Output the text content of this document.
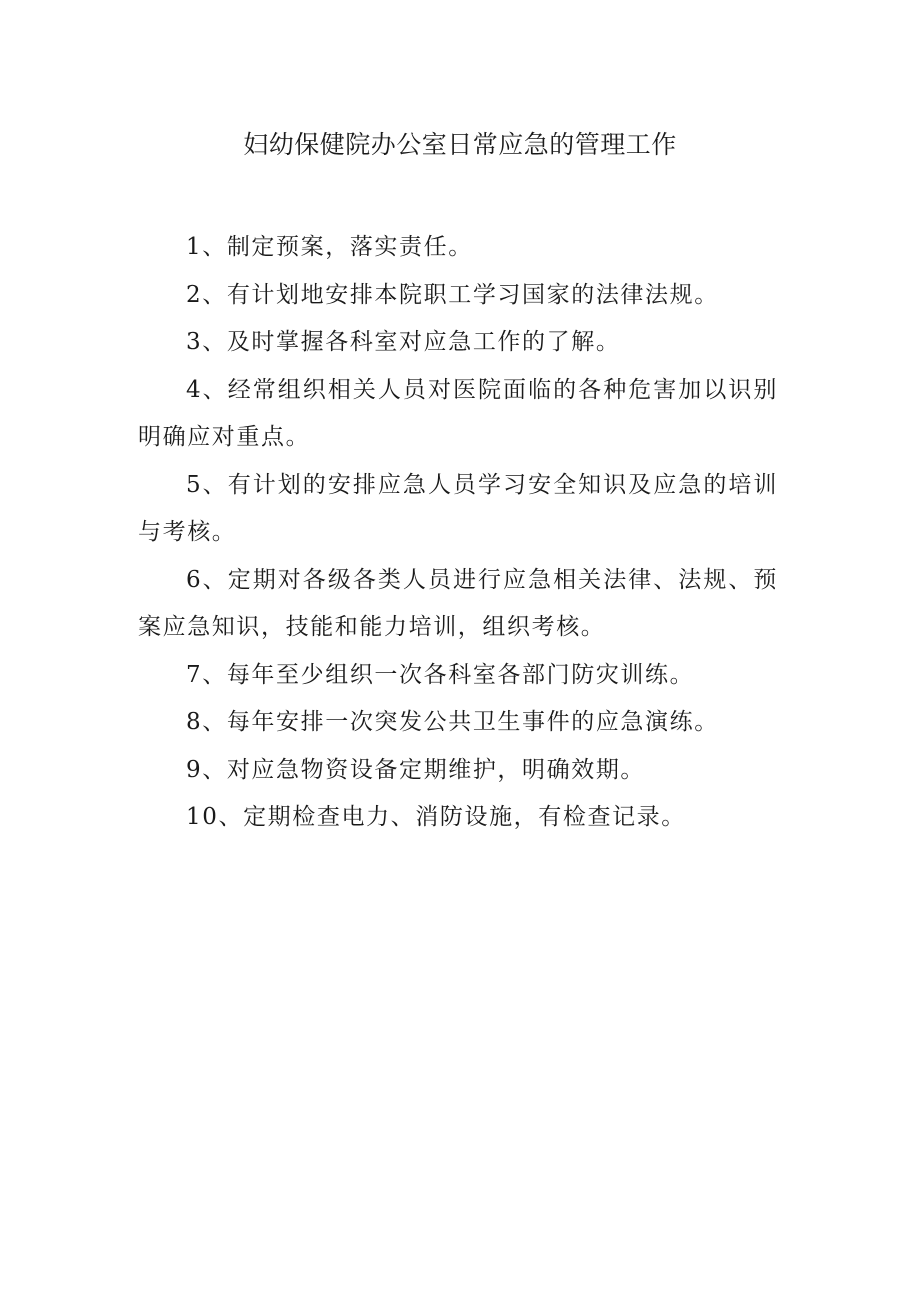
妇幼保健院办公室日常应急的管理工作

1、制定预案，落实责任。

2、有计划地安排本院职工学习国家的法律法规。

3、及时掌握各科室对应急工作的了解。

4、经常组织相关人员对医院面临的各种危害加以识别明确应对重点。

5、有计划的安排应急人员学习安全知识及应急的培训与考核。

6、定期对各级各类人员进行应急相关法律、法规、预案应急知识，技能和能力培训，组织考核。

7、每年至少组织一次各科室各部门防灾训练。

8、每年安排一次突发公共卫生事件的应急演练。

9、对应急物资设备定期维护，明确效期。

10、定期检查电力、消防设施，有检查记录。
